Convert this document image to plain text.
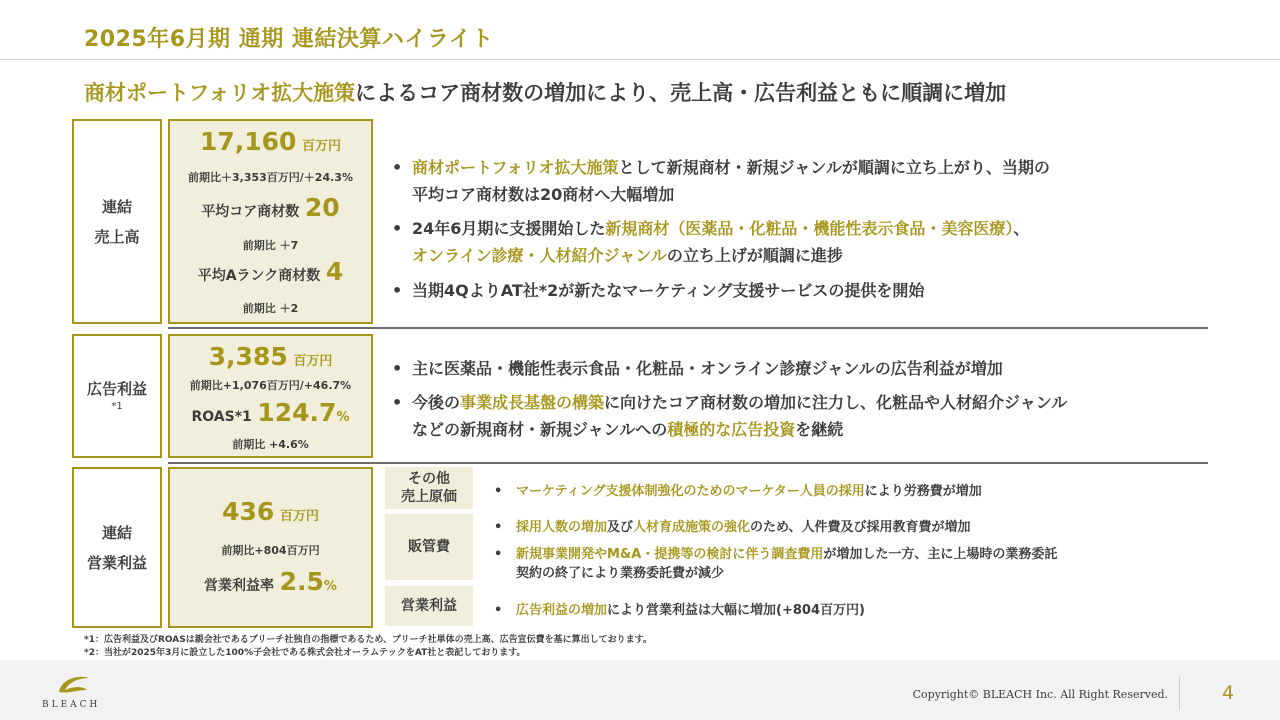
2025年6月期 通期 連結決算ハイライト
商材ポートフォリオ拡大施策によるコア商材数の増加により、売上高・広告利益ともに順調に増加
連結
売上高
17,160 百万円
前期比＋3,353百万円/＋24.3%
平均コア商材数 20
前期比 ＋7
平均Aランク商材数 4
前期比 ＋2
• 商材ポートフォリオ拡大施策として新規商材・新規ジャンルが順調に立ち上がり、当期の
平均コア商材数は20商材へ大幅増加
• 24年6月期に支援開始した新規商材（医薬品・化粧品・機能性表示食品・美容医療）、
オンライン診療・人材紹介ジャンルの立ち上げが順調に進捗
• 当期4QよりAT社*2が新たなマーケティング支援サービスの提供を開始
広告利益
*1
3,385 百万円
前期比+1,076百万円/+46.7%
ROAS*1 124.7%
前期比 +4.6%
• 主に医薬品・機能性表示食品・化粧品・オンライン診療ジャンルの広告利益が増加
• 今後の事業成長基盤の構築に向けたコア商材数の増加に注力し、化粧品や人材紹介ジャンル
などの新規商材・新規ジャンルへの積極的な広告投資を継続
連結
営業利益
436 百万円
前期比+804百万円
営業利益率 2.5%
その他
売上原価	• マーケティング支援体制強化のためのマーケター人員の採用により労務費が増加
販管費
• 採用人数の増加及び人材育成施策の強化のため、人件費及び採用教育費が増加
• 新規事業開発やM&A・提携等の検討に伴う調査費用が増加した一方、主に上場時の業務委託
契約の終了により業務委託費が減少
営業利益	• 広告利益の増加により営業利益は大幅に増加(+804百万円)
*1：広告利益及びROASは親会社であるブリーチ社独自の指標であるため、ブリーチ社単体の売上高、広告宣伝費を基に算出しております。
*2：当社が2025年3月に設立した100%子会社である株式会社オーラムテックをAT社と表記しております。
BLEACH
Copyright© BLEACH Inc. All Right Reserved.	4
